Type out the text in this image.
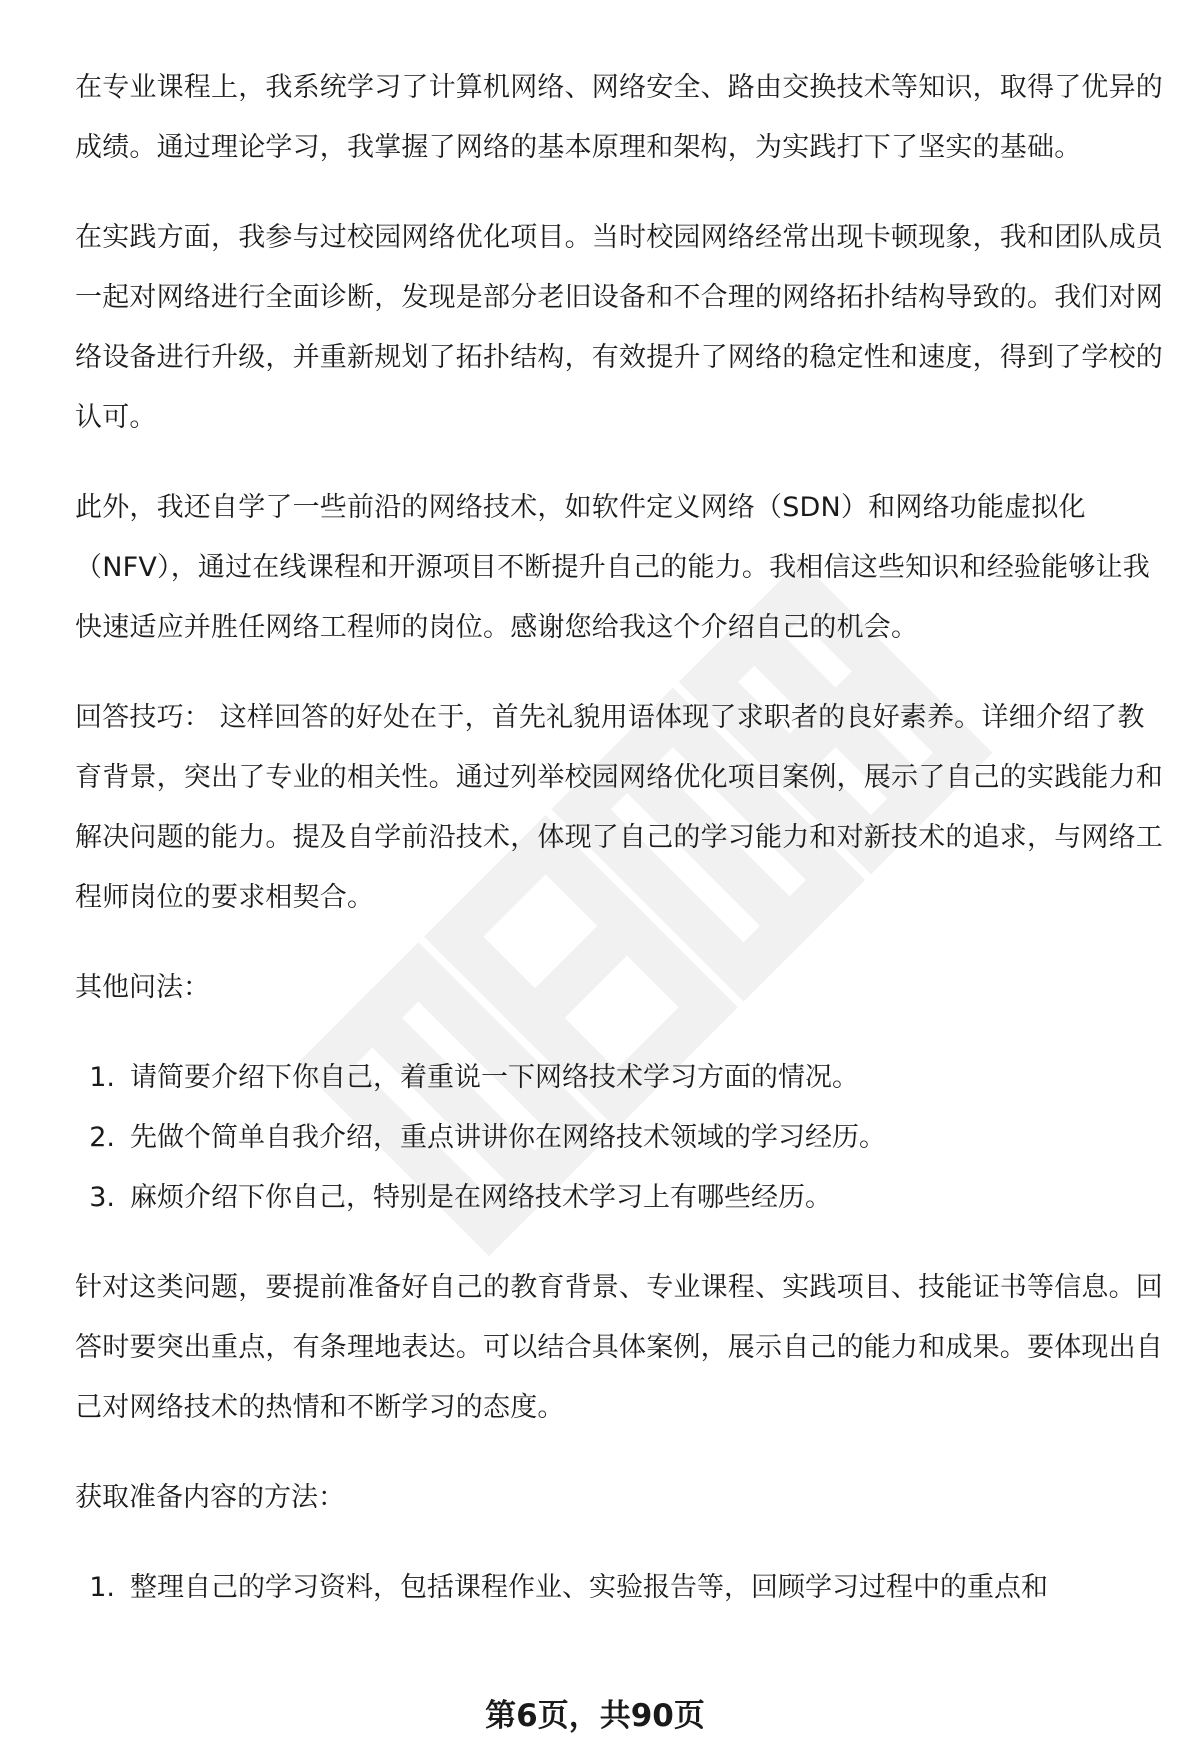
在专业课程上，我系统学习了计算机网络、网络安全、路由交换技术等知识，取得了优异的成绩。通过理论学习，我掌握了网络的基本原理和架构，为实践打下了坚实的基础。

在实践方面，我参与过校园网络优化项目。当时校园网络经常出现卡顿现象，我和团队成员一起对网络进行全面诊断，发现是部分老旧设备和不合理的网络拓扑结构导致的。我们对网络设备进行升级，并重新规划了拓扑结构，有效提升了网络的稳定性和速度，得到了学校的认可。

此外，我还自学了一些前沿的网络技术，如软件定义网络（SDN）和网络功能虚拟化（NFV），通过在线课程和开源项目不断提升自己的能力。我相信这些知识和经验能够让我快速适应并胜任网络工程师的岗位。感谢您给我这个介绍自己的机会。

回答技巧： 这样回答的好处在于，首先礼貌用语体现了求职者的良好素养。详细介绍了教育背景，突出了专业的相关性。通过列举校园网络优化项目案例，展示了自己的实践能力和解决问题的能力。提及自学前沿技术，体现了自己的学习能力和对新技术的追求，与网络工程师岗位的要求相契合。

其他问法：

1. 请简要介绍下你自己，着重说一下网络技术学习方面的情况。
2. 先做个简单自我介绍，重点讲讲你在网络技术领域的学习经历。
3. 麻烦介绍下你自己，特别是在网络技术学习上有哪些经历。

针对这类问题，要提前准备好自己的教育背景、专业课程、实践项目、技能证书等信息。回答时要突出重点，有条理地表达。可以结合具体案例，展示自己的能力和成果。要体现出自己对网络技术的热情和不断学习的态度。

获取准备内容的方法：

1. 整理自己的学习资料，包括课程作业、实验报告等，回顾学习过程中的重点和
第6页，共90页
